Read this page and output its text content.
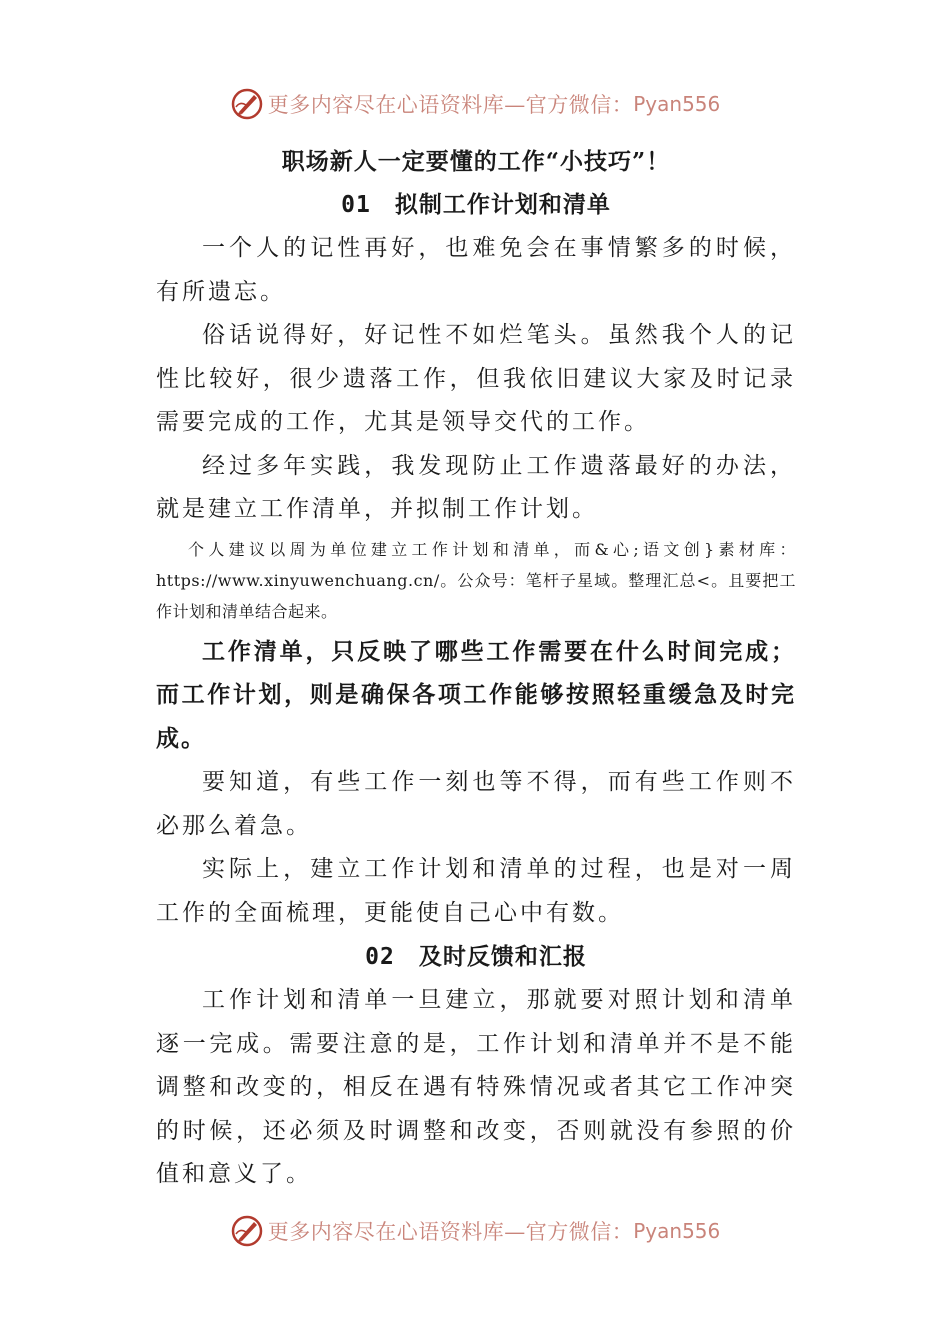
更多内容尽在心语资料库—官方微信： Pyan556
职场新人一定要懂的工作“小技巧”！
01 拟制工作计划和清单

一个人的记性再好，也难免会在事情繁多的时候，有所遗忘。

俗话说得好，好记性不如烂笔头。虽然我个人的记性比较好，很少遗落工作，但我依旧建议大家及时记录需要完成的工作，尤其是领导交代的工作。

经过多年实践，我发现防止工作遗落最好的办法，就是建立工作清单，并拟制工作计划。

个人建议以周为单位建立工作计划和清单，而&心;语文创}素材库：https://www.xinyuwenchuang.cn/。公众号：笔杆子星域。整理汇总<。且要把工作计划和清单结合起来。

工作清单，只反映了哪些工作需要在什么时间完成；而工作计划，则是确保各项工作能够按照轻重缓急及时完成。

要知道，有些工作一刻也等不得，而有些工作则不必那么着急。

实际上，建立工作计划和清单的过程，也是对一周工作的全面梳理，更能使自己心中有数。

02 及时反馈和汇报

工作计划和清单一旦建立，那就要对照计划和清单逐一完成。需要注意的是，工作计划和清单并不是不能调整和改变的，相反在遇有特殊情况或者其它工作冲突的时候，还必须及时调整和改变，否则就没有参照的价值和意义了。

更多内容尽在心语资料库—官方微信： Pyan556
